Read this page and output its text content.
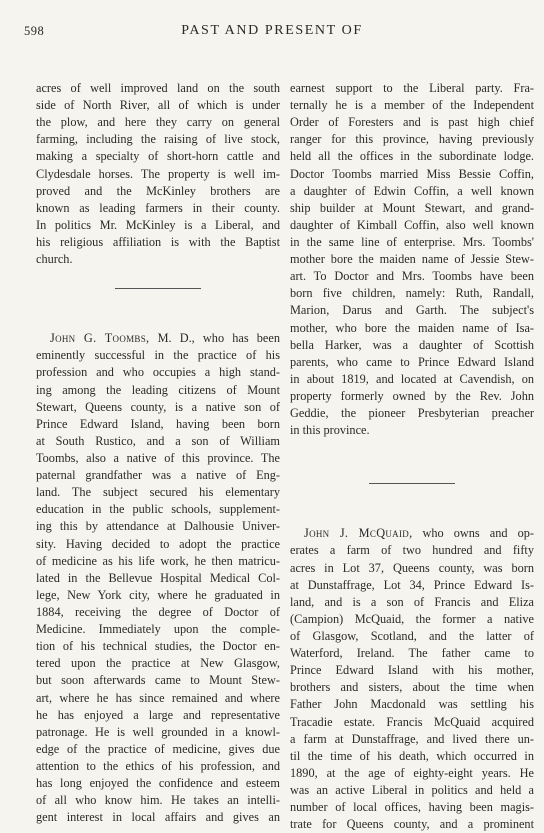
598	PAST AND PRESENT OF
acres of well improved land on the south
side of North River, all of which is under
the plow, and here they carry on general
farming, including the raising of live stock,
making a specialty of short-horn cattle and
Clydesdale horses. The property is well im-
proved and the McKinley brothers are
known as leading farmers in their county.
In politics Mr. McKinley is a Liberal, and
his religious affiliation is with the Baptist
church.
John G. Toombs, M. D., who has been
eminently successful in the practice of his
profession and who occupies a high stand-
ing among the leading citizens of Mount
Stewart, Queens county, is a native son of
Prince Edward Island, having been born
at South Rustico, and a son of William
Toombs, also a native of this province. The
paternal grandfather was a native of Eng-
land. The subject secured his elementary
education in the public schools, supplement-
ing this by attendance at Dalhousie Univer-
sity. Having decided to adopt the practice
of medicine as his life work, he then matricu-
lated in the Bellevue Hospital Medical Col-
lege, New York city, where he graduated in
1884, receiving the degree of Doctor of
Medicine. Immediately upon the comple-
tion of his technical studies, the Doctor en-
tered upon the practice at New Glasgow,
but soon afterwards came to Mount Stew-
art, where he has since remained and where
he has enjoyed a large and representative
patronage. He is well grounded in a knowl-
edge of the practice of medicine, gives due
attention to the ethics of his profession, and
has long enjoyed the confidence and esteem
of all who know him. He takes an intelli-
gent interest in local affairs and gives an
earnest support to the Liberal party. Fra-
ternally he is a member of the Independent
Order of Foresters and is past high chief
ranger for this province, having previously
held all the offices in the subordinate lodge.
Doctor Toombs married Miss Bessie Coffin,
a daughter of Edwin Coffin, a well known
ship builder at Mount Stewart, and grand-
daughter of Kimball Coffin, also well known
in the same line of enterprise. Mrs. Toombs'
mother bore the maiden name of Jessie Stew-
art. To Doctor and Mrs. Toombs have been
born five children, namely: Ruth, Randall,
Marion, Darus and Garth. The subject's
mother, who bore the maiden name of Isa-
bella Harker, was a daughter of Scottish
parents, who came to Prince Edward Island
in about 1819, and located at Cavendish, on
property formerly owned by the Rev. John
Geddie, the pioneer Presbyterian preacher
in this province.
John J. McQuaid, who owns and op-
erates a farm of two hundred and fifty
acres in Lot 37, Queens county, was born
at Dunstaffrage, Lot 34, Prince Edward Is-
land, and is a son of Francis and Eliza
(Campion) McQuaid, the former a native
of Glasgow, Scotland, and the latter of
Waterford, Ireland. The father came to
Prince Edward Island with his mother,
brothers and sisters, about the time when
Father John Macdonald was settling his
Tracadie estate. Francis McQuaid acquired
a farm at Dunstaffrage, and lived there un-
til the time of his death, which occurred in
1890, at the age of eighty-eight years. He
was an active Liberal in politics and held a
number of local offices, having been magis-
trate for Queens county, and a prominent
